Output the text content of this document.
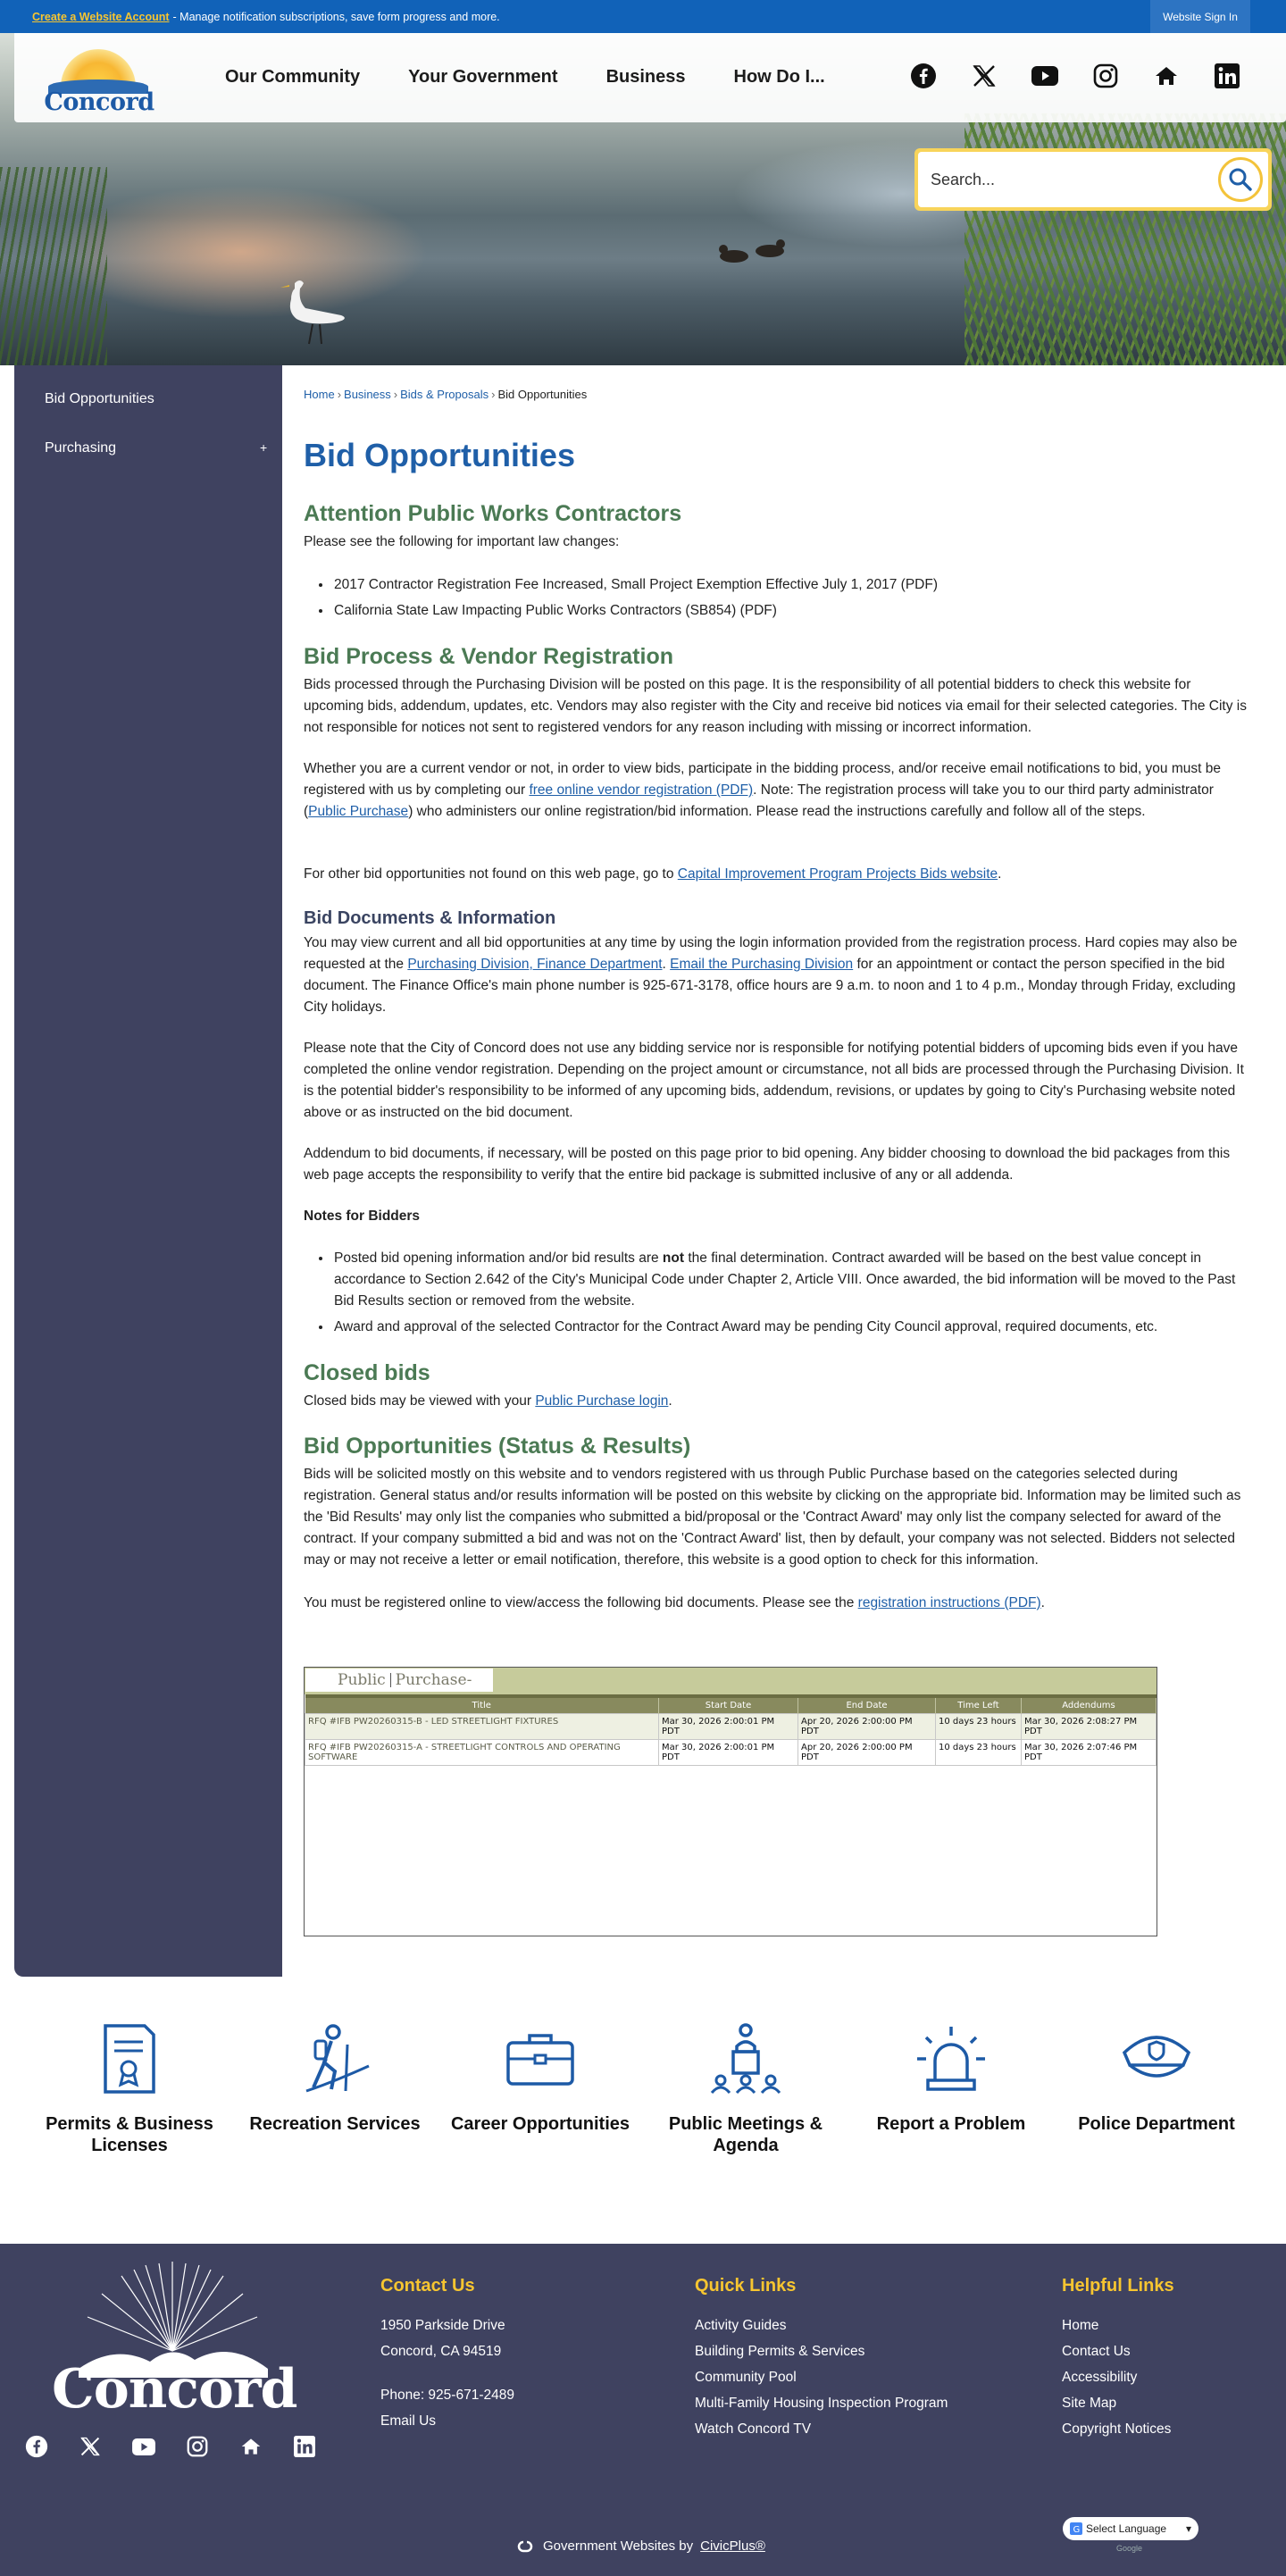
Create a Website Account - Manage notification subscriptions, save form progress and more.	Website Sign In
Concord
Our Community	Your Government	Business	How Do I...
Search...
Bid Opportunities
Purchasing	+
Home › Business › Bids & Proposals › Bid Opportunities
Bid Opportunities
Attention Public Works Contractors
Please see the following for important law changes:
• 2017 Contractor Registration Fee Increased, Small Project Exemption Effective July 1, 2017 (PDF)
• California State Law Impacting Public Works Contractors (SB854) (PDF)
Bid Process & Vendor Registration
Bids processed through the Purchasing Division will be posted on this page. It is the responsibility of all potential bidders to check this website for upcoming bids, addendum, updates, etc. Vendors may also register with the City and receive bid notices via email for their selected categories. The City is not responsible for notices not sent to registered vendors for any reason including with missing or incorrect information.
Whether you are a current vendor or not, in order to view bids, participate in the bidding process, and/or receive email notifications to bid, you must be registered with us by completing our free online vendor registration (PDF). Note: The registration process will take you to our third party administrator (Public Purchase) who administers our online registration/bid information. Please read the instructions carefully and follow all of the steps.
For other bid opportunities not found on this web page, go to Capital Improvement Program Projects Bids website.
Bid Documents & Information
You may view current and all bid opportunities at any time by using the login information provided from the registration process. Hard copies may also be requested at the Purchasing Division, Finance Department. Email the Purchasing Division for an appointment or contact the person specified in the bid document. The Finance Office's main phone number is 925-671-3178, office hours are 9 a.m. to noon and 1 to 4 p.m., Monday through Friday, excluding City holidays.
Please note that the City of Concord does not use any bidding service nor is responsible for notifying potential bidders of upcoming bids even if you have completed the online vendor registration. Depending on the project amount or circumstance, not all bids are processed through the Purchasing Division. It is the potential bidder's responsibility to be informed of any upcoming bids, addendum, revisions, or updates by going to City's Purchasing website noted above or as instructed on the bid document.
Addendum to bid documents, if necessary, will be posted on this page prior to bid opening. Any bidder choosing to download the bid packages from this web page accepts the responsibility to verify that the entire bid package is submitted inclusive of any or all addenda.
Notes for Bidders
• Posted bid opening information and/or bid results are not the final determination. Contract awarded will be based on the best value concept in accordance to Section 2.642 of the City's Municipal Code under Chapter 2, Article VIII. Once awarded, the bid information will be moved to the Past Bid Results section or removed from the website.
• Award and approval of the selected Contractor for the Contract Award may be pending City Council approval, required documents, etc.
Closed bids
Closed bids may be viewed with your Public Purchase login.
Bid Opportunities (Status & Results)
Bids will be solicited mostly on this website and to vendors registered with us through Public Purchase based on the categories selected during registration. General status and/or results information will be posted on this website by clicking on the appropriate bid. Information may be limited such as the 'Bid Results' may only list the companies who submitted a bid/proposal or the 'Contract Award' may only list the company selected for award of the contract. If your company submitted a bid and was not on the 'Contract Award' list, then by default, your company was not selected. Bidders not selected may or may not receive a letter or email notification, therefore, this website is a good option to check for this information.
You must be registered online to view/access the following bid documents. Please see the registration instructions (PDF).
Public Purchase -

Title	Start Date	End Date	Time Left	Addendums
RFQ #IFB PW20260315-B - LED STREETLIGHT FIXTURES	Mar 30, 2026 2:00:01 PM PDT	Apr 20, 2026 2:00:00 PM PDT	10 days 23 hours	Mar 30, 2026 2:08:27 PM PDT
RFQ #IFB PW20260315-A - STREETLIGHT CONTROLS AND OPERATING SOFTWARE	Mar 30, 2026 2:00:01 PM PDT	Apr 20, 2026 2:00:00 PM PDT	10 days 23 hours	Mar 30, 2026 2:07:46 PM PDT
Permits & Business Licenses
Recreation Services	Career Opportunities	Public Meetings & Agenda
Report a Problem	Police Department
Concord
Contact Us
1950 Parkside Drive
Concord, CA 94519
Phone: 925-671-2489
Email Us
Quick Links
Activity Guides
Building Permits & Services
Community Pool
Multi-Family Housing Inspection Program
Watch Concord TV
Helpful Links
Home
Contact Us
Accessibility
Site Map
Copyright Notices
G Select Language ▾
Google
Government Websites by CivicPlus®
